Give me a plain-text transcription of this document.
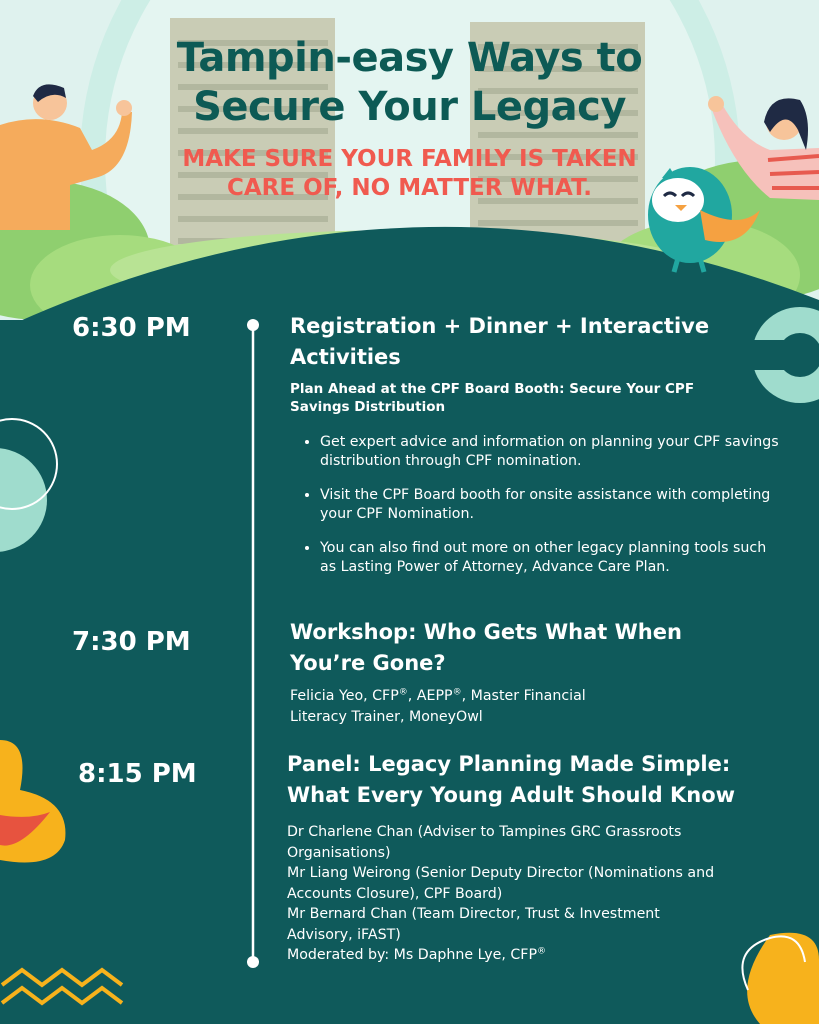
Tampin-easy Ways to
Secure Your Legacy
MAKE SURE YOUR FAMILY IS TAKEN
CARE OF, NO MATTER WHAT.
6:30 PM	Registration + Dinner + Interactive
Activities
Plan Ahead at the CPF Board Booth: Secure Your CPF
Savings Distribution
• Get expert advice and information on planning your CPF savings distribution through CPF nomination.
• Visit the CPF Board booth for onsite assistance with completing your CPF Nomination.
• You can also find out more on other legacy planning tools such as Lasting Power of Attorney, Advance Care Plan.
7:30 PM	Workshop: Who Gets What When
You’re Gone?
Felicia Yeo, CFP®, AEPP®, Master Financial
Literacy Trainer, MoneyOwl
8:15 PM	Panel: Legacy Planning Made Simple:
What Every Young Adult Should Know
Dr Charlene Chan (Adviser to Tampines GRC Grassroots
Organisations)
Mr Liang Weirong (Senior Deputy Director (Nominations and
Accounts Closure), CPF Board)
Mr Bernard Chan (Team Director, Trust & Investment
Advisory, iFAST)
Moderated by: Ms Daphne Lye, CFP®
